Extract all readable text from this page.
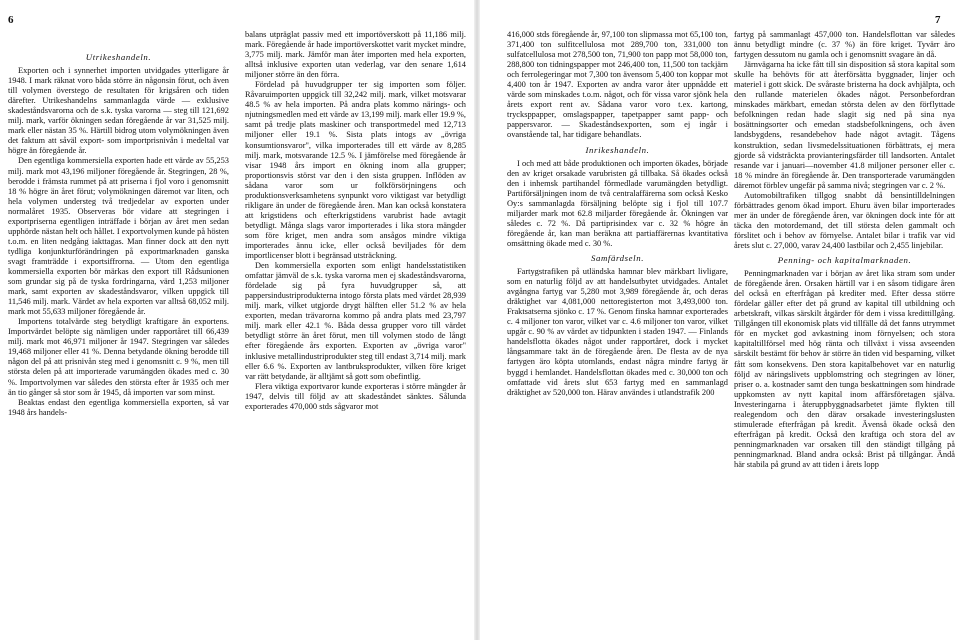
6	7
Utrikeshandeln.

Exporten och i synnerhet importen utvidgades ytterligare år 1948. I mark räknat voro båda större än någonsin förut, och även till volymen överstego de resultaten för krigsåren och tiden därefter. Utrikeshandelns sammanlagda värde — exklusive skadeståndsvarorna och de s.k. tyska varorna — steg till 121,692 milj. mark, varför ökningen sedan föregående år var 31,525 milj. mark eller nästan 35 %. Härtill bidrog utom volymökningen även det faktum att såväl export- som importprisnivån i medeltal var högre än föregående år.

Den egentliga kommersiella exporten hade ett värde av 55,253 milj. mark mot 43,196 miljoner föregående år. Stegringen, 28 %, berodde i främsta rummet på att priserna i fjol voro i genomsnitt 18 % högre än året förut; volymökningen däremot var liten, och hela volymen understeg två tredjedelar av exporten under normalåret 1935. Observeras bör vidare att stegringen i exportpriserna egentligen inträffade i början av året men sedan upphörde nästan helt och hållet. I exportvolymen kunde på hösten t.o.m. en liten nedgång iakttagas. Man finner dock att den nytt tydliga konjunkturförändringen på exportmarknaden ganska svagt framträdde i exportsiffrorna. — Utom den egentliga kommersiella exporten bör märkas den export till Rådsunionen som grundar sig på de tyska fordringarna, värd 1,253 miljoner mark, samt exporten av skadeståndsvaror, vilken uppgick till 11,546 milj. mark. Värdet av hela exporten var alltså 68,052 milj. mark mot 55,633 miljoner föregående år.

Importens totalvärde steg betydligt kraftigare än exportens. Importvärdet belöpte sig nämligen under rapportåret till 66,439 milj. mark mot 46,971 miljoner år 1947. Stegringen var således 19,468 miljoner eller 41 %. Denna betydande ökning berodde till någon del på att prisnivån steg med i genomsnitt c. 9 %, men till största delen på att importerade varumängden ökades med c. 30 %. Importvolymen var således den största efter år 1935 och mer än tio gånger så stor som år 1945, då importen var som minst.

Beaktas endast den egentliga kommersiella exporten, så var 1948 års handels-

balans utpräglat passiv med ett importöverskott på 11,186 milj. mark. Föregående år hade importöverskottet varit mycket mindre, 3,775 milj. mark. Jämför man åter importen med hela exporten, alltså inklusive exporten utan vederlag, var den senare 1,614 miljoner större än den förra.

Fördelad på huvudgrupper ter sig importen som följer. Råvaruimporten uppgick till 32,242 milj. mark, vilket motsvarar 48.5 % av hela importen. På andra plats kommo närings- och njutningsmedlen med ett värde av 13,199 milj. mark eller 19.9 %, samt på tredje plats maskiner och transportmedel med 12,713 miljoner eller 19.1 %. Sista plats intogs av „övriga konsumtionsvaror", vilka importerades till ett värde av 8,285 milj. mark, motsvarande 12.5 %. I jämförelse med föregående år visar 1948 års import en ökning inom alla grupper; proportionsvis störst var den i den sista gruppen. Inflöden av sådana varor som ur folkförsörjningens och produktionsverksamhetens synpunkt voro viktigast var betydligt rikligare än under de föregående åren. Man kan också konstatera att krigstidens och efterkrigstidens varubrist hade avtagit betydligt. Många slags varor importerades i lika stora mängder som före kriget, men andra som ansågos mindre viktiga importerades ännu icke, eller också beviljades för dem importlicenser blott i begränsad utsträckning.

Den kommersiella exporten som enligt handelsstatistiken omfattar jämväl de s.k. tyska varorna men ej skadeståndsvarorna, fördelade sig på fyra huvudgrupper så, att pappersindustriprodukterna intogo första plats med värdet 28,939 milj. mark, vilket utgjorde drygt hälften eller 51.2 % av hela exporten, medan trävarorna kommo på andra plats med 23,797 milj. mark eller 42.1 %. Båda dessa grupper voro till värdet betydligt större än året förut, men till volymen stodo de långt efter föregående års exporten. Exporten av „övriga varor" inklusive metallindustriprodukter steg till endast 3,714 milj. mark eller 6.6 %. Exporten av lantbruksprodukter, vilken före kriget var rätt betydande, är alltjämt så gott som obefintlig.

Flera viktiga exportvaror kunde exporteras i större mängder år 1947, delvis till följd av att skadeståndet sänktes. Sålunda exporterades 470,000 stds sågvaror mot

416,000 stds föregående år, 97,100 ton slipmassa mot 65,100 ton, 371,400 ton sulfitcellulosa mot 289,700 ton, 331,000 ton sulfatcellulosa mot 278,500 ton, 71,900 ton papp mot 58,000 ton, 288,800 ton tidningspapper mot 246,400 ton, 11,500 ton tackjärn och ferrolegeringar mot 7,300 ton ävensom 5,400 ton koppar mot 4,400 ton år 1947. Exporten av andra varor åter uppnådde ett värde som minskades t.o.m. något, och för vissa varor sjönk hela årets export rent av. Sådana varor voro t.ex. kartong, trycksppapper, omslagspapper, tapetpapper samt papp- och pappersvaror. — Skadeståndsexporten, som ej ingår i ovanstående tal, har tidigare behandlats.

Inrikeshandeln.

I och med att både produktionen och importen ökades, började den av kriget orsakade varubristen gå tillbaka. Så ökades också den i inhemsk partihandel förmedlade varumängden betydligt. Partiförsäljningen inom de två centralaffärerna som också Kesko Oy:s sammanlagda försäljning belöpte sig i fjol till 107.7 miljarder mark mot 62.8 miljarder föregående år. Ökningen var således c. 72 %. Då partiprisindex var c. 32 % högre än föregående år, kan man beräkna att partiaffärernas kvantitativa omsättning ökade med c. 30 %.

Samfärdseln.

Fartygstrafiken på utländska hamnar blev märkbart livligare, som en naturlig följd av att handelsutbytet utvidgades. Antalet avgångna fartyg var 5,280 mot 3,989 föregående år, och deras dräktighet var 4,081,000 nettoregisterton mot 3,493,000 ton. Fraktsatserna sjönko c. 17 %. Genom finska hamnar exporterades c. 4 miljoner ton varor, vilket var c. 4.6 miljoner ton varor, vilket upgår c. 90 % av värdet av tidpunkten i staden 1947. — Finlands handelsflotta ökades något under rapportåret, dock i mycket långsammare takt än de föregående åren. De flesta av de nya fartygen äro köpta utomlands, endast några mindre fartyg är byggd i hemlandet. Handelsflottan ökades med c. 30,000 ton och omfattade vid årets slut 653 fartyg med en sammanlagd dräktighet av 520,000 ton. Härav användes i utlandstrafik 200

fartyg på sammanlagt 457,000 ton. Handelsflottan var således ännu betydligt mindre (c. 37 %) än före kriget. Tyvärr äro fartygen dessutom nu gamla och i genomsnitt svagare än då.

Järnvägarna ha icke fått till sin disposition så stora kapital som skulle ha behövts för att återförsätta byggnader, linjer och materiel i gott skick. De svåraste bristerna ha dock avhjälpta, och den rullande materielen ökades något. Personbefordran minskades märkbart, emedan största delen av den förflyttade befolkningen redan hade slagit sig ned på sina nya bosättningsorter och emedan stadsbefolkningens, och även landsbygdens, resandebehov hade något avtagit. Tågens konstruktion, sedan livsmedelssituationen förbättrats, ej mera gjorde så vidsträckta provianteringsfärder till landsorten. Antalet resande var i januari—november 41.8 miljoner personer eller c. 18 % mindre än föregående år. Den transporterade varumängden däremot förblev ungefär på samma nivå; stegringen var c. 2 %.

Automobiltrafiken tillgog snabbt då bensintilldelningen förbättrades genom ökad import. Ehuru även bilar importerades mer än under de föregående åren, var ökningen dock inte för att täcka den motordemand, det till största delen gammalt och förslitet och i behov av förnyelse. Antalet bilar i trafik var vid årets slut c. 27,000, varav 24,400 lastbilar och 2,455 linjebilar.

Penning- och kapitalmarknaden.

Penningmarknaden var i början av året lika stram som under de föregående åren. Orsaken härtill var i en såsom tidigare åren del också en efterfrågan på krediter med. Efter dessa större fördelar gäller efter det på grund av kapital till utbildning och arbetskraft, vilkas särskilt åtgärder för dem i vissa kredittillgång. Tillgången till ekonomisk plats vid tillfälle då det fanns utrymmet för en mycket god avkastning inom förnyelsen; och stora kapitaltillförsel med hög ränta och tillväxt i vissa avseenden särskilt bestämt för behov är större än tiden vid besparning, vilket fått som konsekvens. Den stora kapitalbehovet var en naturlig följd av näringslivets uppblomstring och stegringen av löner, priser o. a. kostnader samt den tunga beskattningen som hindrade uppkomsten av nytt kapital inom affärsföretagen själva. Investeringarna i återuppbyggnadsarbetet jämte flykten till realegendom och den därav orsakade investeringslusten stimulerade efterfrågan på kredit. Ävenså ökade också den efterfrågan på kredit. Också den kraftiga och stora del av penningmarknaden var orsaken till den ständigt tillgång på penningmarknad. Bland andra också: Brist på tillgångar. Ändå här stabila på grund av att tiden i årets lopp
